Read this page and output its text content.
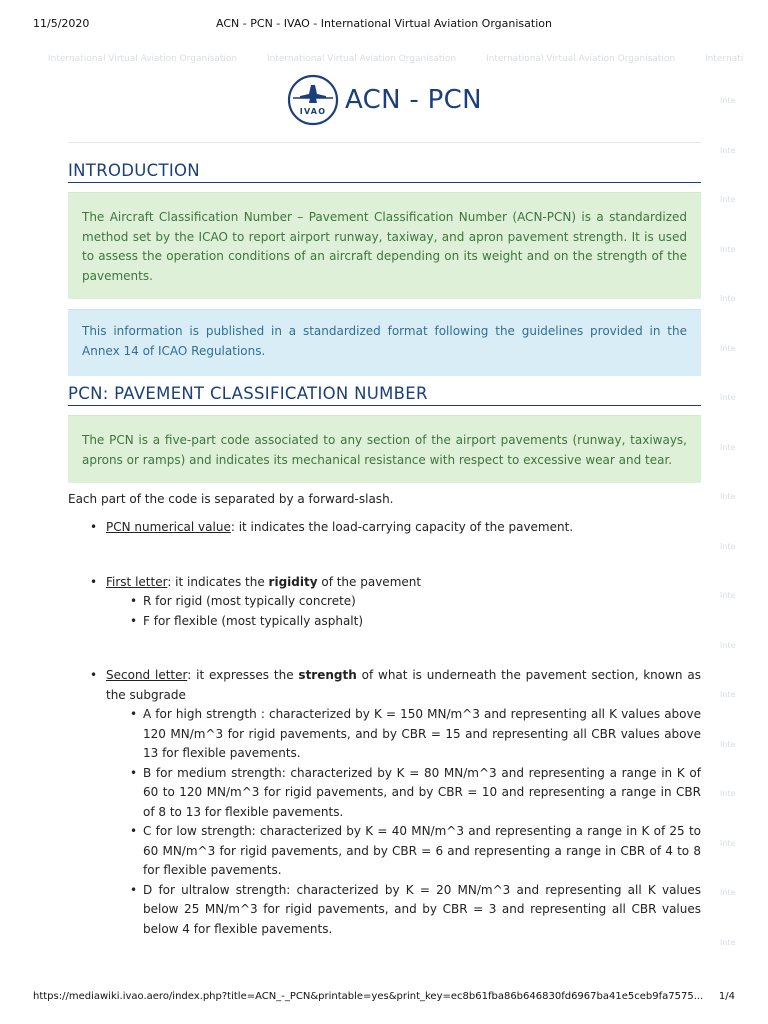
11/5/2020	ACN - PCN - IVAO - International Virtual Aviation Organisation
International Virtual Aviation Organisation	International Virtual Aviation Organisation	International Virtual Aviation Organisation	Internati
Inte
Inte
Inte
Inte
Inte
Inte
Inte
Inte
Inte
Inte
Inte
Inte
Inte
Inte
Inte
Inte
Inte
Inte
IVAO ACN - PCN
INTRODUCTION
The Aircraft Classification Number – Pavement Classification Number (ACN-PCN) is a standardized method set by the ICAO to report airport runway, taxiway, and apron pavement strength. It is used to assess the operation conditions of an aircraft depending on its weight and on the strength of the pavements.
This information is published in a standardized format following the guidelines provided in the Annex 14 of ICAO Regulations.
PCN: PAVEMENT CLASSIFICATION NUMBER
The PCN is a five-part code associated to any section of the airport pavements (runway, taxiways, aprons or ramps) and indicates its mechanical resistance with respect to excessive wear and tear.
Each part of the code is separated by a forward-slash.
• PCN numerical value: it indicates the load-carrying capacity of the pavement.
• First letter: it indicates the rigidity of the pavement
• R for rigid (most typically concrete)
• F for flexible (most typically asphalt)
• Second letter: it expresses the strength of what is underneath the pavement section, known as the subgrade
• A for high strength : characterized by K = 150 MN/m^3 and representing all K values above 120 MN/m^3 for rigid pavements, and by CBR = 15 and representing all CBR values above 13 for flexible pavements.
• B for medium strength: characterized by K = 80 MN/m^3 and representing a range in K of 60 to 120 MN/m^3 for rigid pavements, and by CBR = 10 and representing a range in CBR of 8 to 13 for flexible pavements.
• C for low strength: characterized by K = 40 MN/m^3 and representing a range in K of 25 to 60 MN/m^3 for rigid pavements, and by CBR = 6 and representing a range in CBR of 4 to 8 for flexible pavements.
• D for ultralow strength: characterized by K = 20 MN/m^3 and representing all K values below 25 MN/m^3 for rigid pavements, and by CBR = 3 and representing all CBR values below 4 for flexible pavements.
https://mediawiki.ivao.aero/index.php?title=ACN_-_PCN&printable=yes&print_key=ec8b61fba86b646830fd6967ba41e5ceb9fa7575...	1/4
